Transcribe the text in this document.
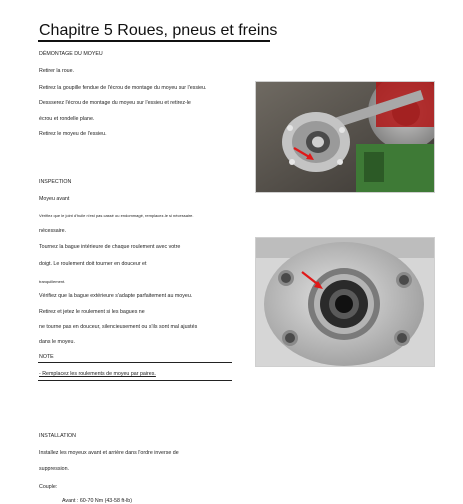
Chapitre 5 Roues, pneus et freins
DÉMONTAGE DU MOYEU
Retirer la roue.
Retirez la goupille fendue de l'écrou de montage du moyeu sur l'essieu.
Dessserez l'écrou de montage du moyeu sur l'essieu et retirez-le
écrou et rondelle plane.
Retirez le moyeu de l'essieu.
INSPECTION
Moyeu avant
Vérifiez que le joint d'huile n'est pas cassé ou endommagé, remplacez-le si nécessaire.
nécessaire.
Tournez la bague intérieure de chaque roulement avec votre
doigt. Le roulement doit tourner en douceur et
tranquillement.
Vérifiez que la bague extérieure s'adapte parfaitement au moyeu.
Retirez et jetez le roulement si les bagues ne
ne tourne pas en douceur, silencieusement ou s'ils sont mal ajustés
dans le moyeu.
NOTE
- Remplacez les roulements de moyeu par paires.
INSTALLATION
Installez les moyeux avant et arrière dans l'ordre inverse de
suppression.
Couple:
Avant : 60-70 Nm (43-58 ft-lb)
